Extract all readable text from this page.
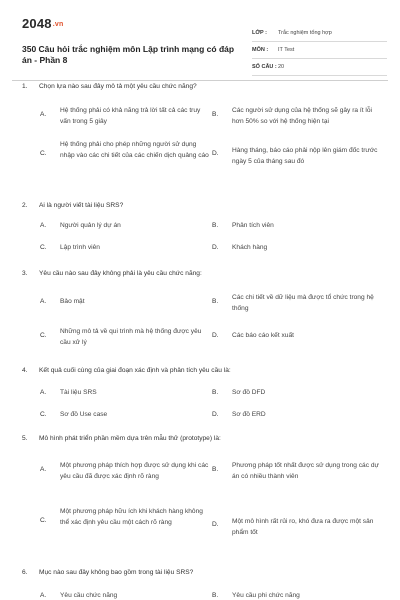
2048.vn
350 Câu hỏi trắc nghiệm môn Lập trình mạng có đáp án - Phần 8
LỚP : Trắc nghiệm tổng hợp
MÔN : IT Test
SỐ CÂU : 20
1. Chọn lựa nào sau đây mô tả một yêu cầu chức năng?
A.
Hệ thống phải có khả năng trả lời tất cả các truy vấn trong 5 giây
B.
Các người sử dụng của hệ thống sẽ gây ra ít lỗi hơn 50% so với hệ thống hiện tại
C.
Hệ thống phải cho phép những người sử dụng nhập vào các chi tiết của các chiến dịch quảng cáo D. Hàng tháng, báo cáo phải nộp lên giám đốc trước ngày 5 của tháng sau đó
2. Ai là người viết tài liệu SRS?
A. Người quản lý dự án	B. Phân tích viên
C. Lập trình viên	D. Khách hàng
3. Yêu cầu nào sau đây không phải là yêu cầu chức năng:
A. Bảo mật	B.
Các chi tiết về dữ liệu mà được tổ chức trong hệ thống
C.
Những mô tả về qui trình mà hệ thống được yêu cầu xử lý
D. Các báo cáo kết xuất
4. Kết quả cuối cùng của giai đoạn xác định và phân tích yêu cầu là:
A. Tài liệu SRS	B. Sơ đồ DFD
C. Sơ đồ Use case	D. Sơ đồ ERD
5. Mô hình phát triển phần mềm dựa trên mẫu thử (prototype) là:
A.
Một phương pháp thích hợp được sử dụng khi các yêu cầu đã được xác định rõ ràng
B.
Phương pháp tốt nhất được sử dụng trong các dự án có nhiều thành viên
C.
Một phương pháp hữu ích khi khách hàng không thể xác định yêu cầu một cách rõ ràng	D. Một mô hình rất rủi ro, khó đưa ra được một sản phẩm tốt
6. Mục nào sau đây không bao gồm trong tài liệu SRS?
A. Yêu cầu chức năng	B. Yêu cầu phi chức năng
